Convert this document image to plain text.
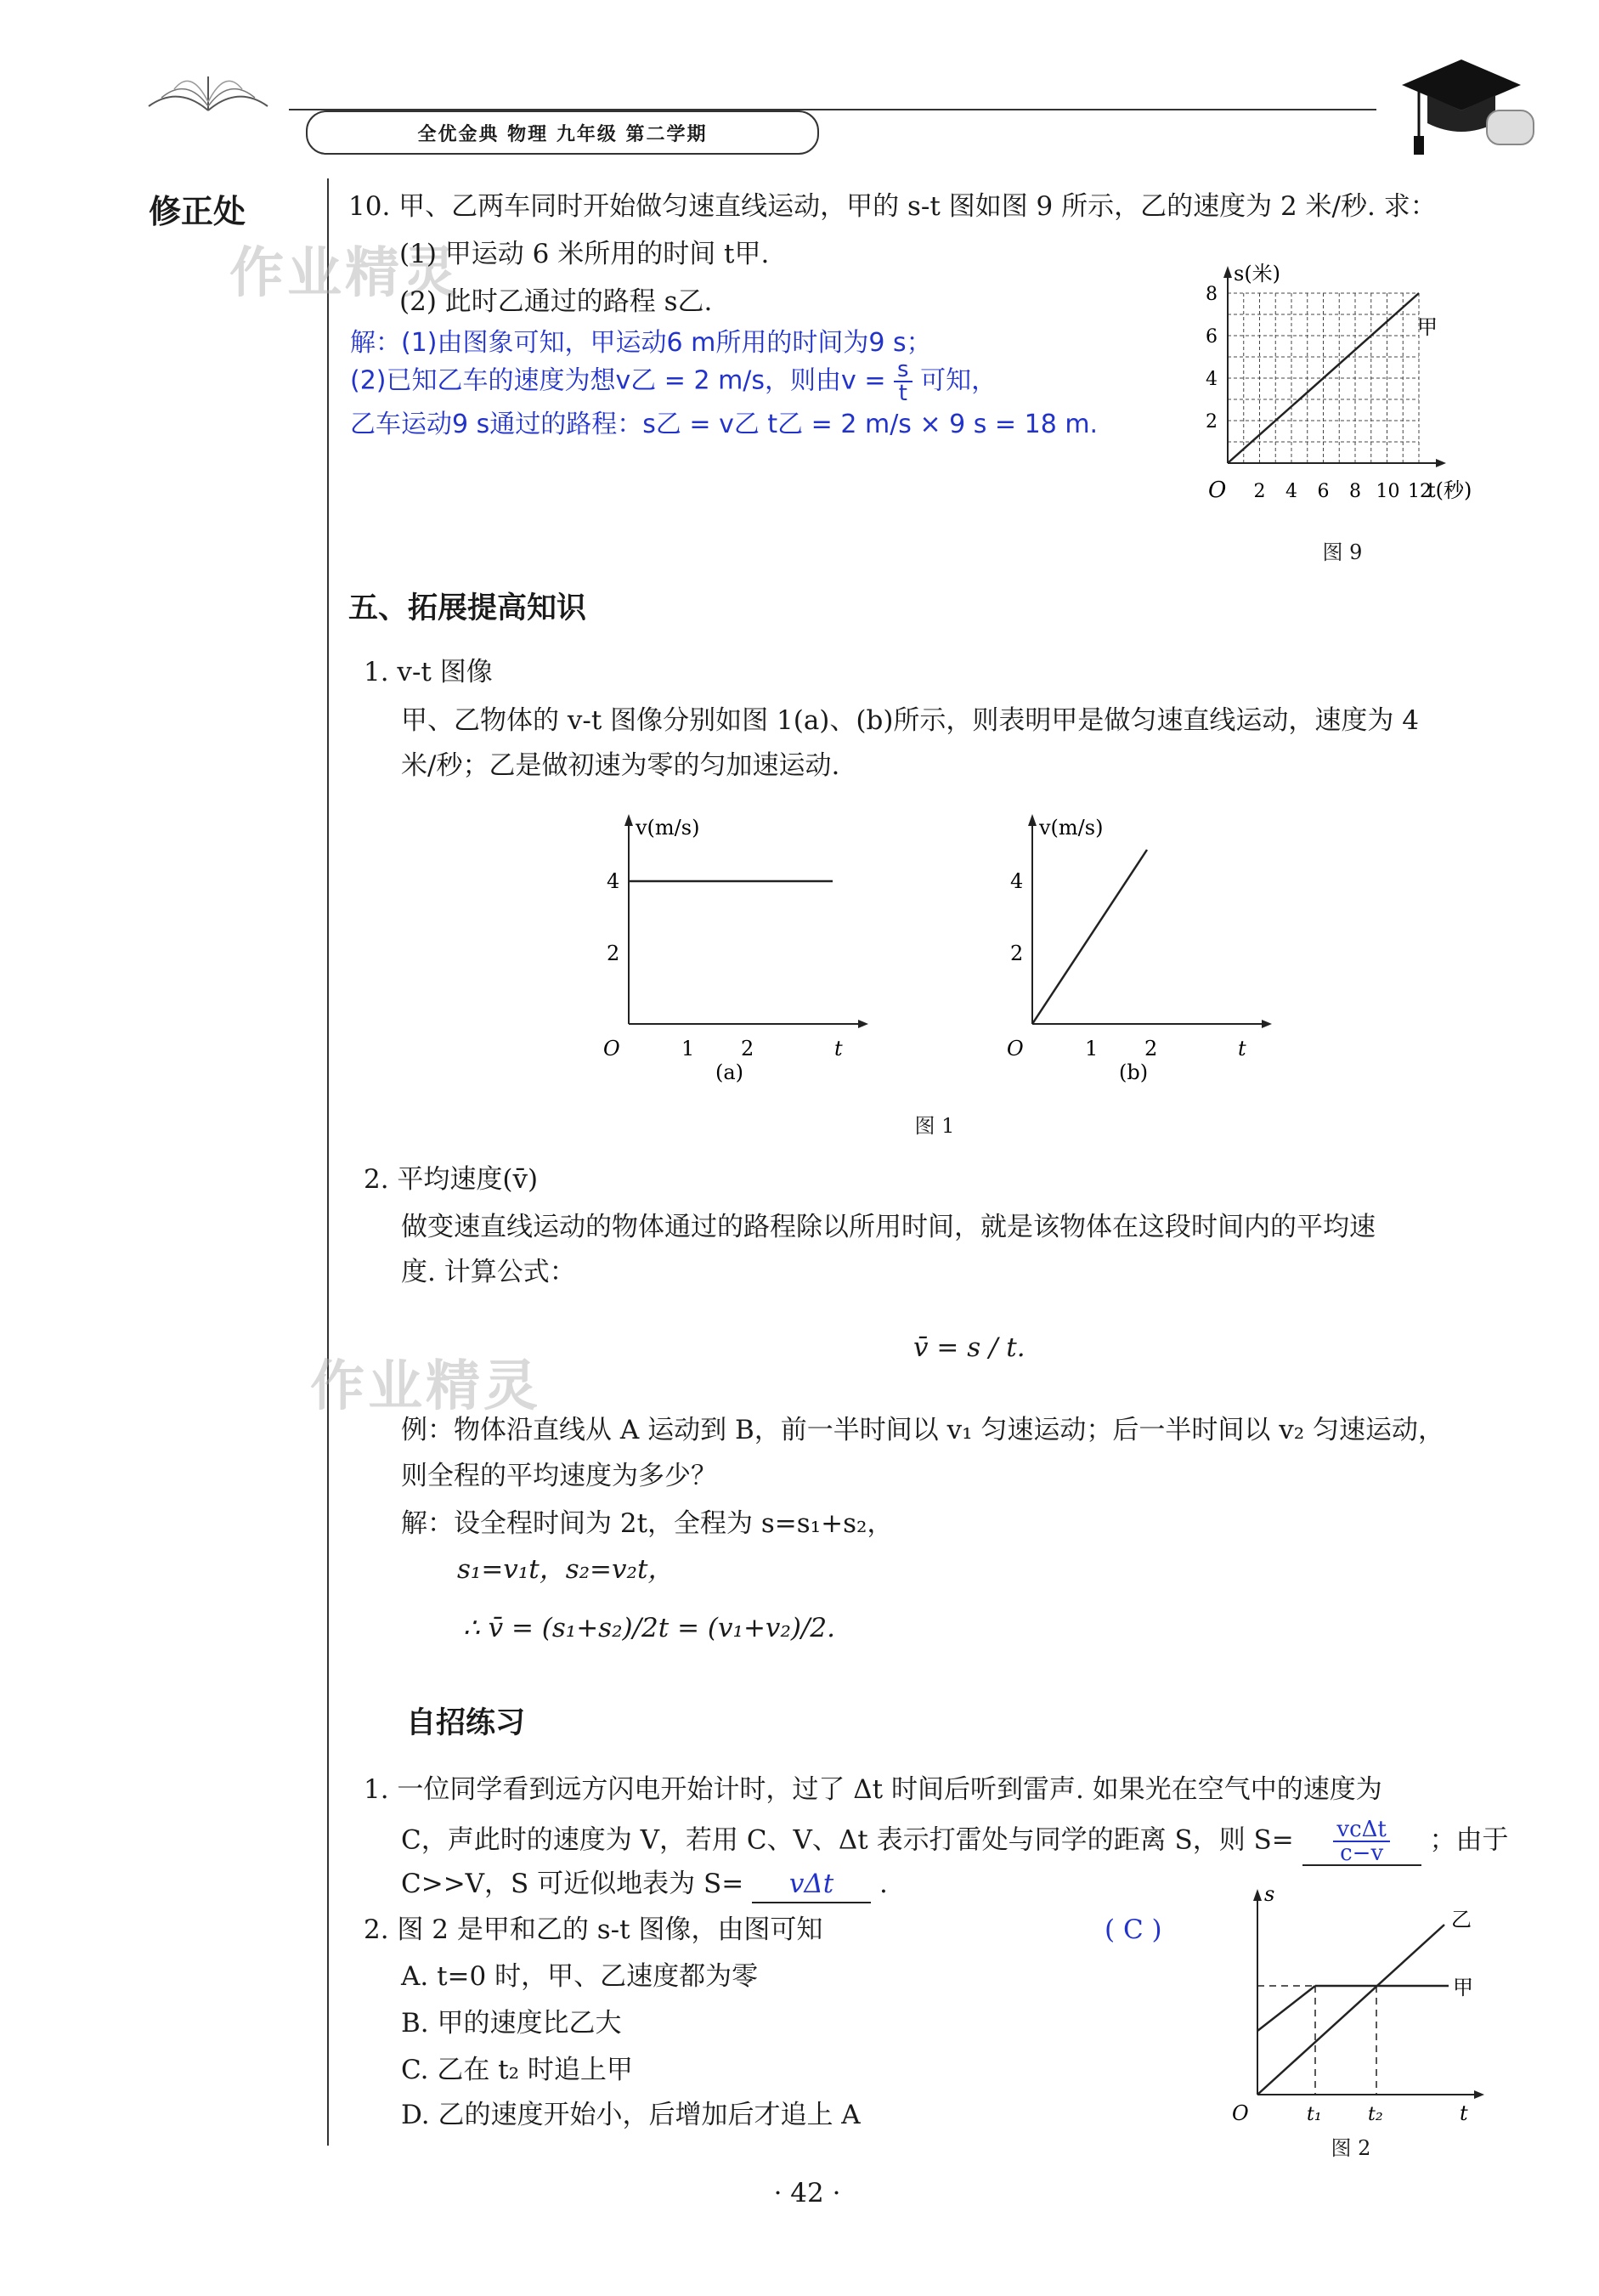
全优金典 物理 九年级 第二学期
修正处
作业精灵
作业精灵
10. 甲、乙两车同时开始做匀速直线运动，甲的 s-t 图如图 9 所示，乙的速度为 2 米/秒. 求：
(1) 甲运动 6 米所用的时间 t甲.
(2) 此时乙通过的路程 s乙.
解：(1)由图象可知，甲运动6 m所用的时间为9 s；
(2)已知乙车的速度为想v乙 = 2 m/s，则由$v = \frac{s}{t}$ 可知，
乙车运动9 s通过的路程：s乙 = v乙 t乙 = 2 m/s × 9 s = 18 m.
s(米)
t(秒)
O
甲
2 4 6 8 10 12
2
4
6
8
图 9
五、拓展提高知识
1. v-t 图像
甲、乙物体的 v-t 图像分别如图 1(a)、(b)所示，则表明甲是做匀速直线运动，速度为 4
米/秒；乙是做初速为零的匀加速运动.
v(m/s)
t
O
4
2
1 2
(a)
v(m/s)
t
O
4
2
1 2
(b)
图 1
2. 平均速度(v̄)
做变速直线运动的物体通过的路程除以所用时间，就是该物体在这段时间内的平均速
度. 计算公式：
v̄ = s / t.
例：物体沿直线从 A 运动到 B，前一半时间以 v₁ 匀速运动；后一半时间以 v₂ 匀速运动，
则全程的平均速度为多少？
解：设全程时间为 2t，全程为 s=s₁+s₂，
s₁=v₁t，s₂=v₂t，
∴ v̄ = (s₁+s₂)/2t = (v₁+v₂)/2.
自招练习
1. 一位同学看到远方闪电开始计时，过了 Δt 时间后听到雷声. 如果光在空气中的速度为
C，声此时的速度为 V，若用 C、V、Δt 表示打雷处与同学的距离 S，则 $S= \frac{\text{vcΔt}}{c-v}$ ；由于
C>>V，S 可近似地表为 S= vΔt .
2. 图 2 是甲和乙的 s-t 图像，由图可知	( C )
A. t=0 时，甲、乙速度都为零
B. 甲的速度比乙大
C. 乙在 t₂ 时追上甲
D. 乙的速度开始小，后增加后才追上 A
s
t
O	t₁ t₂
乙
甲
图 2
· 42 ·
